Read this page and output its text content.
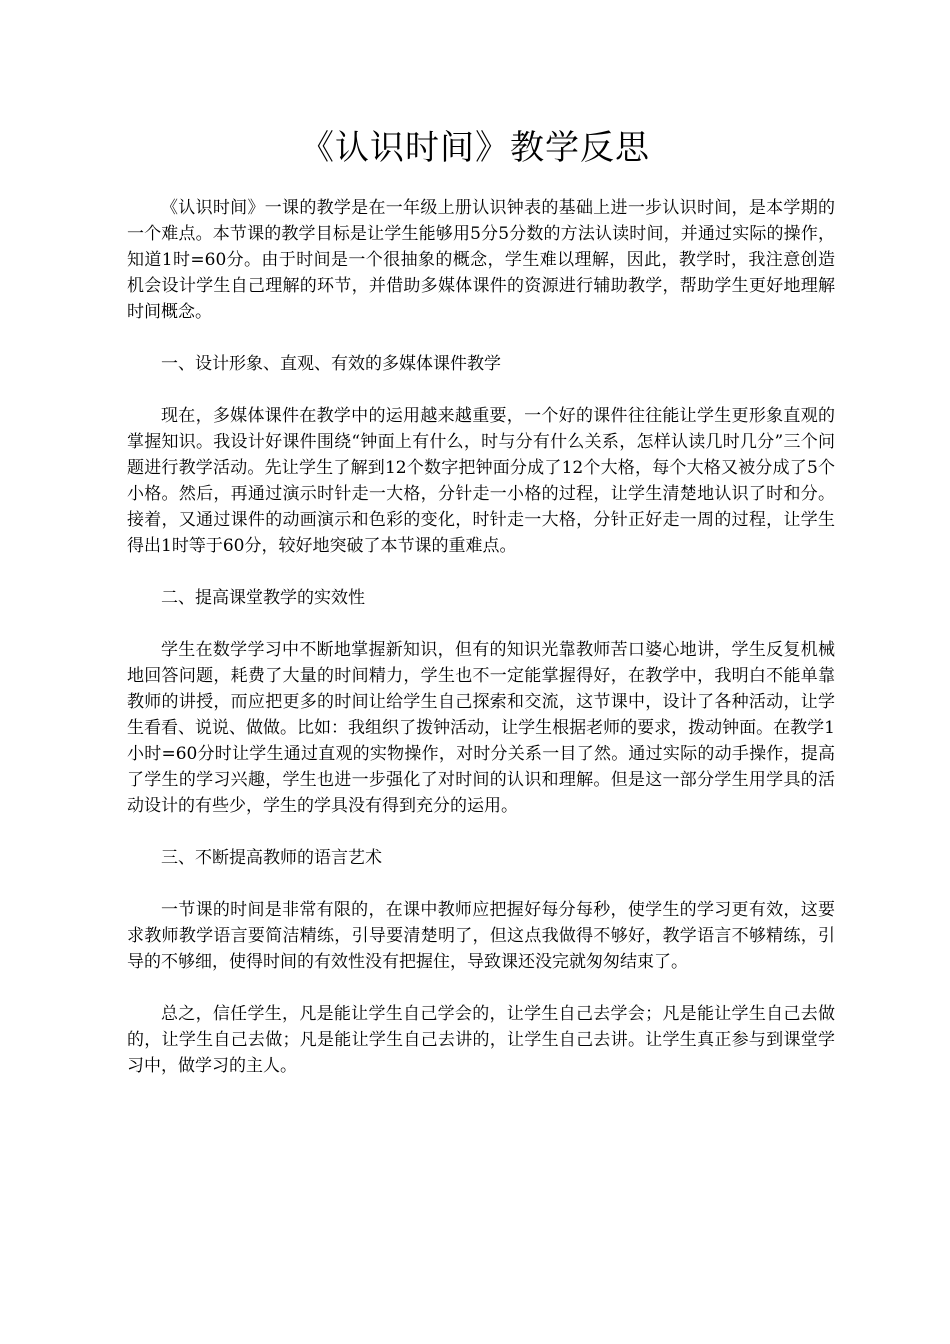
《认识时间》教学反思

《认识时间》一课的教学是在一年级上册认识钟表的基础上进一步认识时间，是本学期的一个难点。本节课的教学目标是让学生能够用5分5分数的方法认读时间，并通过实际的操作，知道1时=60分。由于时间是一个很抽象的概念，学生难以理解，因此，教学时，我注意创造机会设计学生自己理解的环节，并借助多媒体课件的资源进行辅助教学，帮助学生更好地理解时间概念。

一、设计形象、直观、有效的多媒体课件教学

现在，多媒体课件在教学中的运用越来越重要，一个好的课件往往能让学生更形象直观的掌握知识。我设计好课件围绕“钟面上有什么，时与分有什么关系，怎样认读几时几分”三个问题进行教学活动。先让学生了解到12个数字把钟面分成了12个大格，每个大格又被分成了5个小格。然后，再通过演示时针走一大格，分针走一小格的过程，让学生清楚地认识了时和分。接着，又通过课件的动画演示和色彩的变化，时针走一大格，分针正好走一周的过程，让学生得出1时等于60分，较好地突破了本节课的重难点。

二、提高课堂教学的实效性

学生在数学学习中不断地掌握新知识，但有的知识光靠教师苦口婆心地讲，学生反复机械地回答问题，耗费了大量的时间精力，学生也不一定能掌握得好，在教学中，我明白不能单靠教师的讲授，而应把更多的时间让给学生自己探索和交流，这节课中，设计了各种活动，让学生看看、说说、做做。比如：我组织了拨钟活动，让学生根据老师的要求，拨动钟面。在教学1小时=60分时让学生通过直观的实物操作，对时分关系一目了然。通过实际的动手操作，提高了学生的学习兴趣，学生也进一步强化了对时间的认识和理解。但是这一部分学生用学具的活动设计的有些少，学生的学具没有得到充分的运用。

三、不断提高教师的语言艺术

一节课的时间是非常有限的，在课中教师应把握好每分每秒，使学生的学习更有效，这要求教师教学语言要简洁精练，引导要清楚明了，但这点我做得不够好，教学语言不够精练，引导的不够细，使得时间的有效性没有把握住，导致课还没完就匆匆结束了。

总之，信任学生，凡是能让学生自己学会的，让学生自己去学会；凡是能让学生自己去做的，让学生自己去做；凡是能让学生自己去讲的，让学生自己去讲。让学生真正参与到课堂学习中，做学习的主人。
